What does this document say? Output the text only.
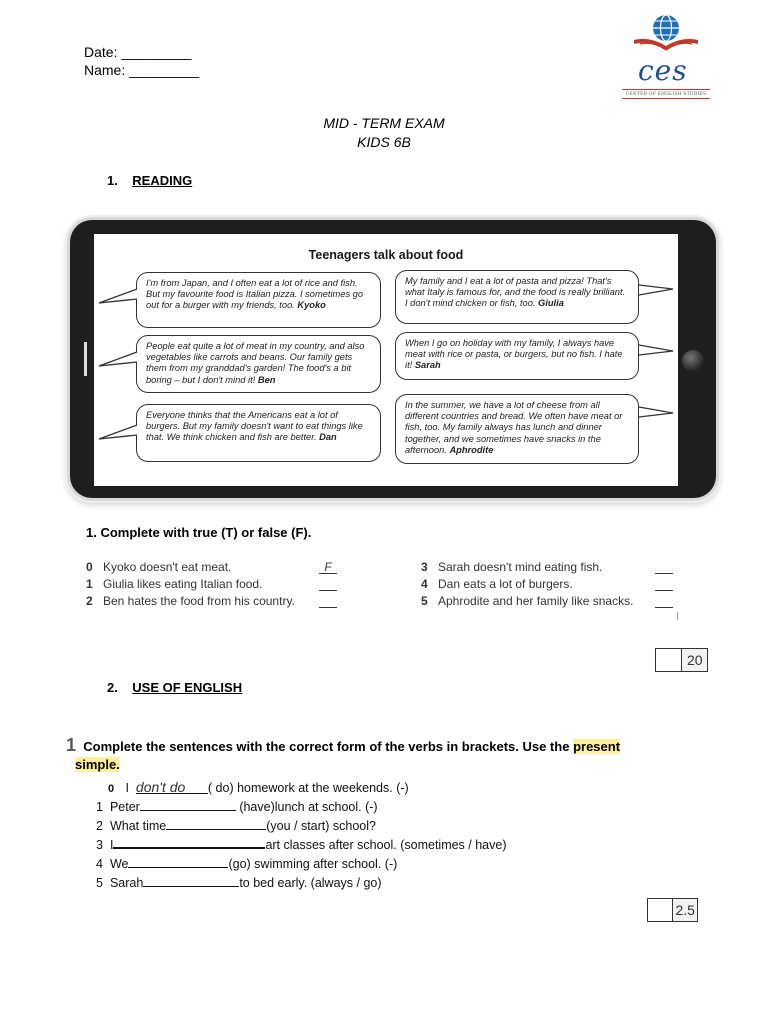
Date: _________
Name: _________	ces
CENTER OF ENGLISH STUDIES
MID - TERM EXAM
KIDS 6B
1. READING
Teenagers talk about food
I'm from Japan, and I often eat a lot of rice and fish. But my favourite food is Italian pizza. I sometimes go out for a burger with my friends, too. Kyoko
People eat quite a lot of meat in my country, and also vegetables like carrots and beans. Our family gets them from my granddad's garden! The food's a bit boring – but I don't mind it! Ben
Everyone thinks that the Americans eat a lot of burgers. But my family doesn't want to eat things like that. We think chicken and fish are better. Dan
My family and I eat a lot of pasta and pizza! That's what Italy is famous for, and the food is really brilliant. I don't mind chicken or fish, too. Giulia
When I go on holiday with my family, I always have meat with rice or pasta, or burgers, but no fish. I hate it! Sarah
In the summer, we have a lot of cheese from all different countries and bread. We often have meat or fish, too. My family always has lunch and dinner together, and we sometimes have snacks in the afternoon. Aphrodite
1. Complete with true (T) or false (F).
0 Kyoko doesn't eat meat.	F
1 Giulia likes eating Italian food.
2 Ben hates the food from his country.
3 Sarah doesn't mind eating fish.
4 Dan eats a lot of burgers.
5 Aphrodite and her family like snacks.
20
2. USE OF ENGLISH
1 Complete the sentences with the correct form of the verbs in brackets. Use the present
simple.
0 I don't do ( do) homework at the weekends. (-)
1 Peter	(have)lunch at school. (-)
2 What time	(you / start) school?
3 I	art classes after school. (sometimes / have)
4 We	(go) swimming after school. (-)
5 Sarah	to bed early. (always / go)
2.5
